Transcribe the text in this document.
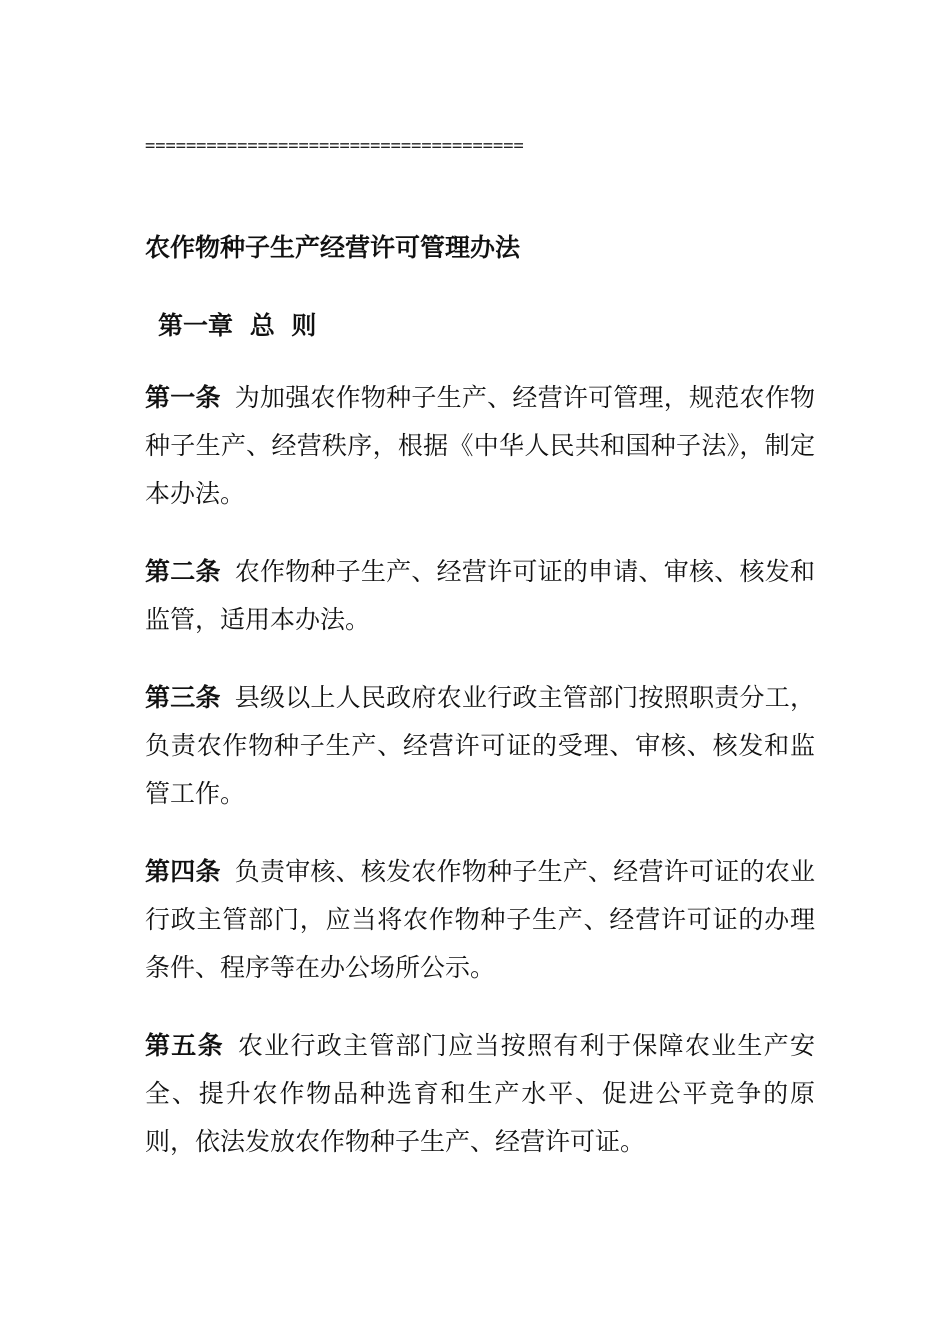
=====================================
农作物种子生产经营许可管理办法
第一章 总 则

第一条 为加强农作物种子生产、经营许可管理，规范农作物种子生产、经营秩序，根据《中华人民共和国种子法》，制定本办法。

第二条 农作物种子生产、经营许可证的申请、审核、核发和监管，适用本办法。

第三条 县级以上人民政府农业行政主管部门按照职责分工，负责农作物种子生产、经营许可证的受理、审核、核发和监管工作。

第四条 负责审核、核发农作物种子生产、经营许可证的农业行政主管部门，应当将农作物种子生产、经营许可证的办理条件、程序等在办公场所公示。

第五条 农业行政主管部门应当按照有利于保障农业生产安全、提升农作物品种选育和生产水平、促进公平竞争的原则，依法发放农作物种子生产、经营许可证。
